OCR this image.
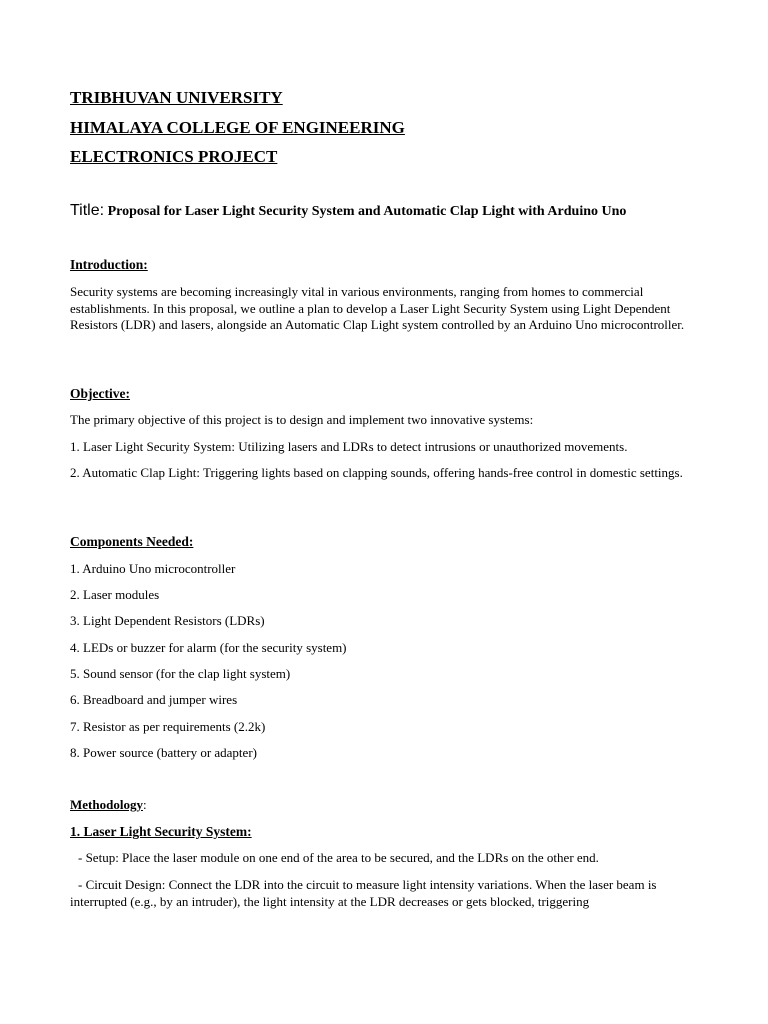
TRIBHUVAN UNIVERSITY
HIMALAYA COLLEGE OF ENGINEERING
ELECTRONICS PROJECT
Title: Proposal for Laser Light Security System and Automatic Clap Light with Arduino Uno
Introduction:
Security systems are becoming increasingly vital in various environments, ranging from homes to commercial establishments. In this proposal, we outline a plan to develop a Laser Light Security System using Light Dependent Resistors (LDR) and lasers, alongside an Automatic Clap Light system controlled by an Arduino Uno microcontroller.
Objective:
The primary objective of this project is to design and implement two innovative systems:
1. Laser Light Security System: Utilizing lasers and LDRs to detect intrusions or unauthorized movements.
2. Automatic Clap Light: Triggering lights based on clapping sounds, offering hands-free control in domestic settings.
Components Needed:
1. Arduino Uno microcontroller
2. Laser modules
3. Light Dependent Resistors (LDRs)
4. LEDs or buzzer for alarm (for the security system)
5. Sound sensor (for the clap light system)
6. Breadboard and jumper wires
7. Resistor as per requirements (2.2k)
8. Power source (battery or adapter)
Methodology:
1. Laser Light Security System:
- Setup: Place the laser module on one end of the area to be secured, and the LDRs on the other end.
- Circuit Design: Connect the LDR into the circuit to measure light intensity variations. When the laser beam is interrupted (e.g., by an intruder), the light intensity at the LDR decreases or gets blocked, triggering
